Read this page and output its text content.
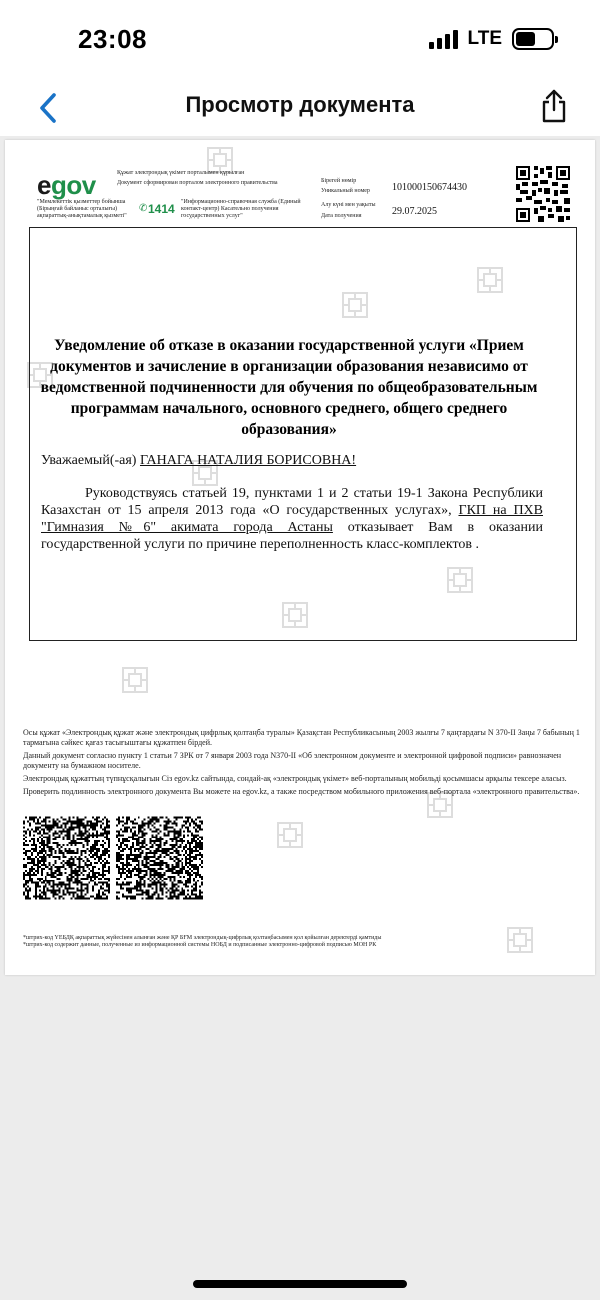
23:08	LTE
Просмотр документа
egov	Құжат электрондық үкімет порталымен құрылған
Документ сформирован порталом электронного правительства
"Мемлекеттік қызметтер бойынша (Бірыңғай байланыс орталығы) ақпараттық-анықтамалық қызметі"
✆ 1414 "Информационно-справочная служба (Единый контакт-центр) Касательно получения государственных услуг"
Бірегей нөмір
Уникальный номер 101000150674430
Алу күні мен уақыты
Дата получения	29.07.2025
Уведомление об отказе в оказании государственной услуги «Прием документов и зачисление в организации образования независимо от ведомственной подчиненности для обучения по общеобразовательным программам начального, основного среднего, общего среднего образования»
Уважаемый(-ая) ГАНАГА НАТАЛИЯ БОРИСОВНА!
Руководствуясь статьей 19, пунктами 1 и 2 статьи 19-1 Закона Республики Казахстан от 15 апреля 2013 года «О государственных услугах», ГКП на ПХВ "Гимназия №6" акимата города Астаны отказывает Вам в оказании государственной услуги по причине переполненность класс-комплектов .

Осы құжат «Электрондық құжат және электрондық цифрлық қолтаңба туралы» Қазақстан Республикасының 2003 жылғы 7 қаңтардағы N 370-II Заңы 7 бабының 1 тармағына сәйкес қағаз тасығыштағы құжатпен бірдей.

Данный документ согласно пункту 1 статьи 7 ЗРК от 7 января 2003 года N370-II «Об электронном документе и электронной цифровой подписи» равнозначен документу на бумажном носителе.

Электрондық құжаттың түпнұсқалығын Сіз egov.kz сайтында, сондай-ақ «электрондық үкімет» веб-порталының мобильді қосымшасы арқылы тексере аласыз.

Проверить подлинность электронного документа Вы можете на egov.kz, а также посредством мобильного приложения веб-портала «электронного правительства».

*штрих-код ҮЕБДҚ ақпараттық жүйесінен алынған және ҚР БҒМ электрондық-цифрлық қолтаңбасымен қол қойылған деректерді қамтиды
*штрих-код содержит данные, полученные из информационной системы НОБД и подписанные электронно-цифровой подписью МОН РК
